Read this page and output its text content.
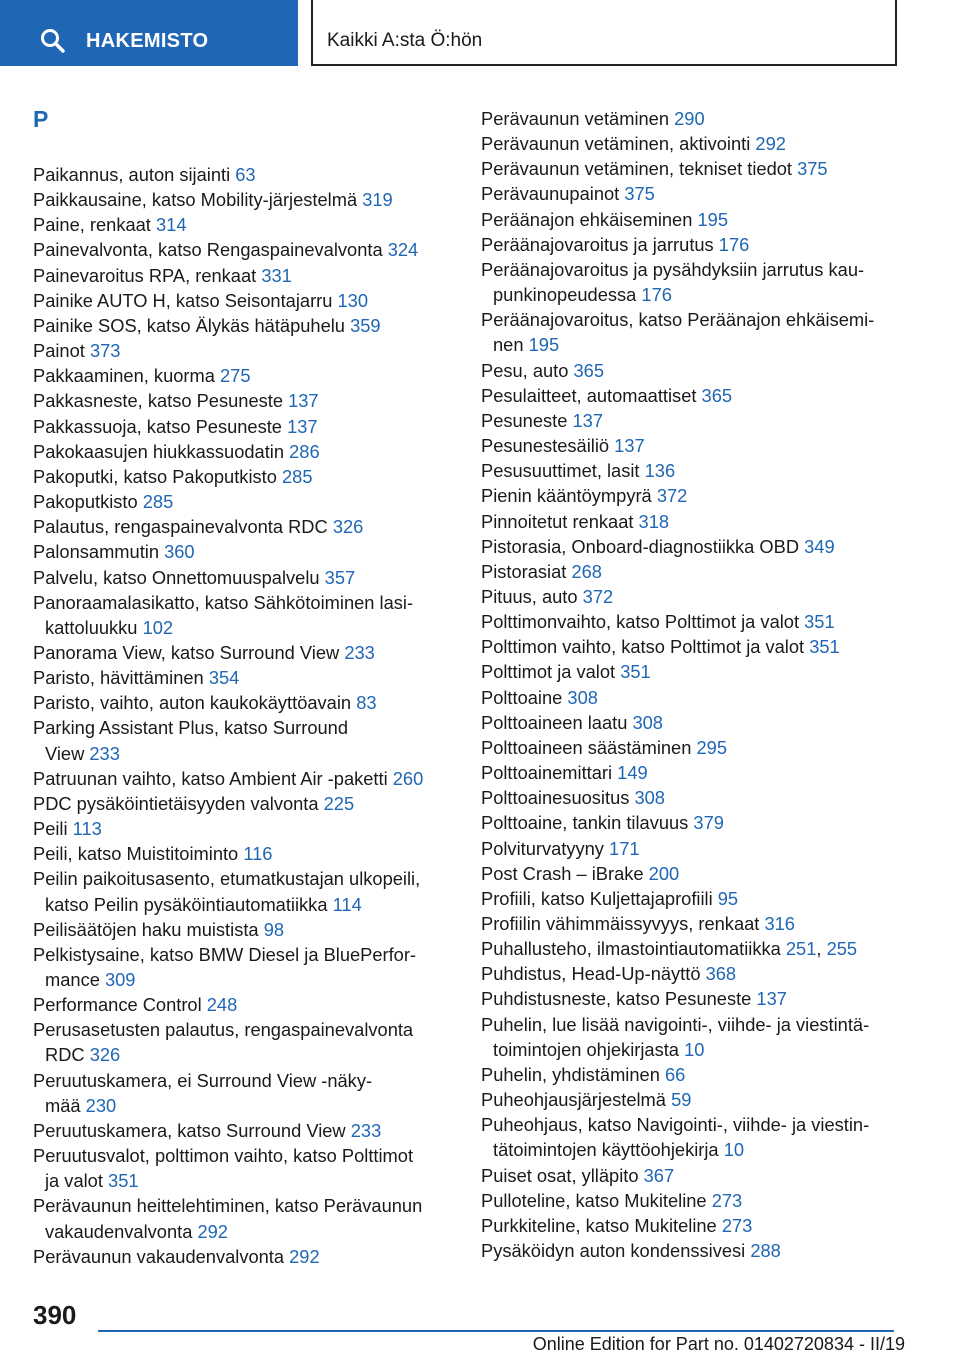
HAKEMISTO	Kaikki A:sta Ö:hön
P
Paikannus, auton sijainti 63
Paikkausaine, katso Mobility-järjestelmä 319
Paine, renkaat 314
Painevalvonta, katso Rengaspainevalvonta 324
Painevaroitus RPA, renkaat 331
Painike AUTO H, katso Seisontajarru 130
Painike SOS, katso Älykäs hätäpuhelu 359
Painot 373
Pakkaaminen, kuorma 275
Pakkasneste, katso Pesuneste 137
Pakkassuoja, katso Pesuneste 137
Pakokaasujen hiukkassuodatin 286
Pakoputki, katso Pakoputkisto 285
Pakoputkisto 285
Palautus, rengaspainevalvonta RDC 326
Palonsammutin 360
Palvelu, katso Onnettomuuspalvelu 357
Panoraamalasikatto, katso Sähkötoiminen lasi-
kattoluukku 102
Panorama View, katso Surround View 233
Paristo, hävittäminen 354
Paristo, vaihto, auton kaukokäyttöavain 83
Parking Assistant Plus, katso Surround
View 233
Patruunan vaihto, katso Ambient Air -paketti 260
PDC pysäköintietäisyyden valvonta 225
Peili 113
Peili, katso Muistitoiminto 116
Peilin paikoitusasento, etumatkustajan ulkopeili,
katso Peilin pysäköintiautomatiikka 114
Peilisäätöjen haku muistista 98
Pelkistysaine, katso BMW Diesel ja BluePerfor-
mance 309
Performance Control 248
Perusasetusten palautus, rengaspainevalvonta
RDC 326
Peruutuskamera, ei Surround View -näky-
mää 230
Peruutuskamera, katso Surround View 233
Peruutusvalot, polttimon vaihto, katso Polttimot
ja valot 351
Perävaunun heittelehtiminen, katso Perävaunun
vakaudenvalvonta 292
Perävaunun vakaudenvalvonta 292
Perävaunun vetäminen 290
Perävaunun vetäminen, aktivointi 292
Perävaunun vetäminen, tekniset tiedot 375
Perävaunupainot 375
Peräänajon ehkäiseminen 195
Peräänajovaroitus ja jarrutus 176
Peräänajovaroitus ja pysähdyksiin jarrutus kau-
punkinopeudessa 176
Peräänajovaroitus, katso Peräänajon ehkäisemi-
nen 195
Pesu, auto 365
Pesulaitteet, automaattiset 365
Pesuneste 137
Pesunestesäiliö 137
Pesusuuttimet, lasit 136
Pienin kääntöympyrä 372
Pinnoitetut renkaat 318
Pistorasia, Onboard-diagnostiikka OBD 349
Pistorasiat 268
Pituus, auto 372
Polttimonvaihto, katso Polttimot ja valot 351
Polttimon vaihto, katso Polttimot ja valot 351
Polttimot ja valot 351
Polttoaine 308
Polttoaineen laatu 308
Polttoaineen säästäminen 295
Polttoainemittari 149
Polttoainesuositus 308
Polttoaine, tankin tilavuus 379
Polviturvatyyny 171
Post Crash – iBrake 200
Profiili, katso Kuljettajaprofiili 95
Profiilin vähimmäissyvyys, renkaat 316
Puhallusteho, ilmastointiautomatiikka 251, 255
Puhdistus, Head-Up-näyttö 368
Puhdistusneste, katso Pesuneste 137
Puhelin, lue lisää navigointi-, viihde- ja viestintä-
toimintojen ohjekirjasta 10
Puhelin, yhdistäminen 66
Puheohjausjärjestelmä 59
Puheohjaus, katso Navigointi-, viihde- ja viestin-
tätoimintojen käyttöohjekirja 10
Puiset osat, ylläpito 367
Pulloteline, katso Mukiteline 273
Purkkiteline, katso Mukiteline 273
Pysäköidyn auton kondenssivesi 288
390
Online Edition for Part no. 01402720834 - II/19
